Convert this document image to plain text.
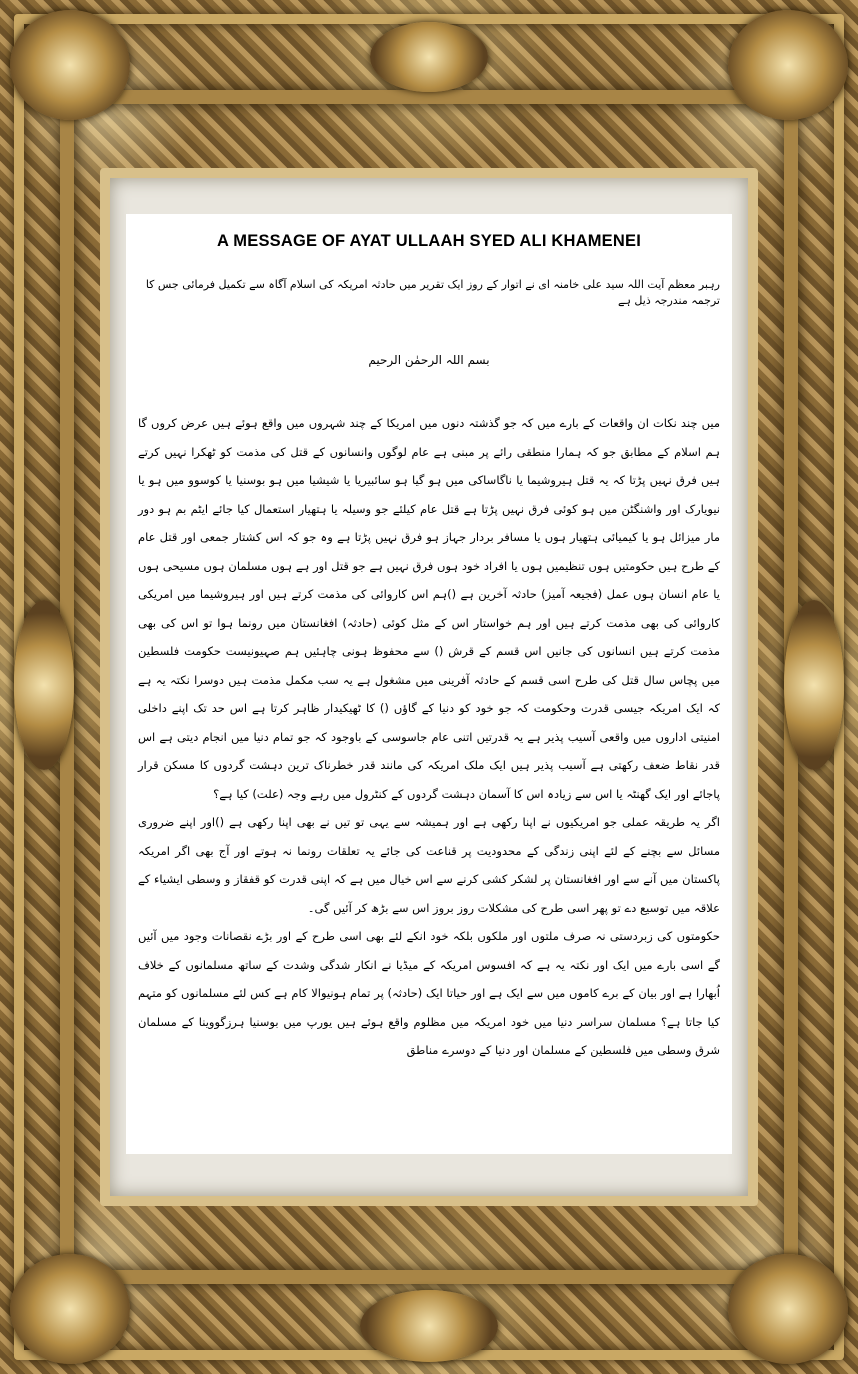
A MESSAGE OF AYAT ULLAAH SYED ALI KHAMENEI
رہبر معظم آیت اللہ سید علی خامنہ ای نے اتوار کے روز ایک تقریر میں حادثہ امریکہ کی اسلام آگاہ سے تکمیل فرمائی جس کا ترجمہ مندرجہ ذیل ہے
بسم اللہ الرحمٰن الرحیم

میں چند نکات ان واقعات کے بارے میں کہ جو گذشتہ دنوں میں امریکا کے چند شہروں میں واقع ہوئے ہیں عرض کروں گا ہم اسلام کے مطابق جو کہ ہمارا منطقی رائے پر مبنی ہے عام لوگوں وانسانوں کے قتل کی مذمت کو ٹھکرا نہیں کرتے ہیں فرق نہیں پڑتا کہ یہ قتل ہیروشیما یا ناگاساکی میں ہو گیا ہو سائبیریا یا شیشیا میں ہو بوسنیا یا کوسوو میں ہو یا نیویارک اور واشنگٹن میں ہو کوئی فرق نہیں پڑتا ہے قتل عام کیلئے جو وسیلہ یا ہتھیار استعمال کیا جائے ایٹم بم ہو دور مار میزائل ہو یا کیمیائی ہتھیار ہوں یا مسافر بردار جہاز ہو فرق نہیں پڑتا ہے وہ جو کہ اس کشتار جمعی اور قتل عام کے طرح ہیں حکومتیں ہوں تنظیمیں ہوں یا افراد خود ہوں فرق نہیں ہے جو قتل اور ہے ہوں مسلمان ہوں مسیحی ہوں یا عام انسان ہوں عمل (فجیعہ آمیز) حادثہ آخرین ہے ()ہم اس کاروائی کی مذمت کرتے ہیں اور ہیروشیما میں امریکی کاروائی کی بھی مذمت کرتے ہیں اور ہم خواستار اس کے مثل کوئی (حادثہ) افغانستان میں رونما ہوا تو اس کی بھی مذمت کرتے ہیں انسانوں کی جانیں اس قسم کے قرش () سے محفوظ ہونی چاہئیں ہم صہیونیست حکومت فلسطین میں پچاس سال قتل کی طرح اسی قسم کے حادثہ آفرینی میں مشغول ہے یہ سب مکمل مذمت ہیں دوسرا نکتہ یہ ہے کہ ایک امریکہ جیسی قدرت وحکومت کہ جو خود کو دنیا کے گاؤں () کا ٹھیکیدار ظاہر کرتا ہے اس حد تک اپنے داخلی امنیتی اداروں میں واقعی آسیب پذیر ہے یہ قدرتیں اتنی عام جاسوسی کے باوجود کہ جو تمام دنیا میں انجام دیتی ہے اس قدر نقاط ضعف رکھتی ہے آسیب پذیر ہیں ایک ملک امریکہ کی مانند قدر خطرناک ترین دہشت گردوں کا مسکن قرار پاجائے اور ایک گھنٹہ یا اس سے زیادہ اس کا آسمان دہشت گردوں کے کنٹرول میں رہے وجہ (علت) کیا ہے؟

اگر یہ طریقہ عملی جو امریکیوں نے اپنا رکھی ہے اور ہمیشہ سے یہی تو تیں نے بھی اپنا رکھی ہے ()اور اپنے ضروری مسائل سے بچنے کے لئے اپنی زندگی کے محدودیت پر قناعت کی جائے یہ تعلقات رونما نہ ہوتے اور آج بھی اگر امریکہ پاکستان میں آنے سے اور افغانستان پر لشکر کشی کرنے سے اس خیال میں ہے کہ اپنی قدرت کو قفقاز و وسطی ایشیاء کے علاقہ میں توسیع دے تو پھر اسی طرح کی مشکلات روز بروز اس سے بڑھ کر آئیں گی۔

حکومتوں کی زبردستی نہ صرف ملتوں اور ملکوں بلکہ خود انکے لئے بھی اسی طرح کے اور بڑے نقصانات وجود میں آئیں گے اسی بارے میں ایک اور نکتہ یہ ہے کہ افسوس امریکہ کے میڈیا نے انکار شدگی وشدت کے ساتھ مسلمانوں کے خلاف اُبھارا ہے اور بیان کے برے کاموں میں سے ایک ہے اور حیاتا ایک (حادثہ) پر تمام ہونیوالا کام ہے کس لئے مسلمانوں کو متہم کیا جاتا ہے؟ مسلمان سراسر دنیا میں خود امریکہ میں مظلوم واقع ہوئے ہیں یورپ میں بوسنیا ہرزگووینا کے مسلمان شرق وسطی میں فلسطین کے مسلمان اور دنیا کے دوسرے مناطق
